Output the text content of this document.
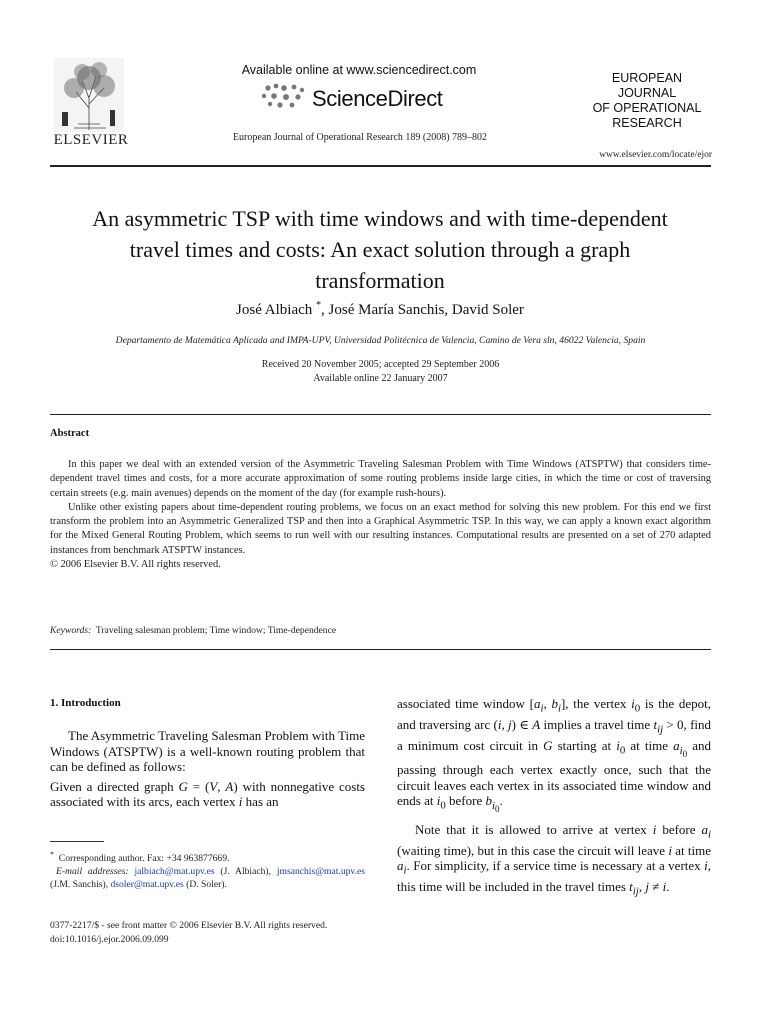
ELSEVIER
Available online at www.sciencedirect.com
ScienceDirect
European Journal of Operational Research 189 (2008) 789–802
EUROPEAN
JOURNAL
OF OPERATIONAL
RESEARCH
www.elsevier.com/locate/ejor
An asymmetric TSP with time windows and with time-dependent travel times and costs: An exact solution through a graph transformation
José Albiach *, José María Sanchis, David Soler
Departamento de Matemática Aplicada and IMPA-UPV, Universidad Politécnica de Valencia, Camino de Vera sln, 46022 Valencia, Spain
Received 20 November 2005; accepted 29 September 2006
Available online 22 January 2007
Abstract

In this paper we deal with an extended version of the Asymmetric Traveling Salesman Problem with Time Windows (ATSPTW) that considers time-dependent travel times and costs, for a more accurate approximation of some routing problems inside large cities, in which the time or cost of traversing certain streets (e.g. main avenues) depends on the moment of the day (for example rush-hours).

Unlike other existing papers about time-dependent routing problems, we focus on an exact method for solving this new problem. For this end we first transform the problem into an Asymmetric Generalized TSP and then into a Graphical Asymmetric TSP. In this way, we can apply a known exact algorithm for the Mixed General Routing Problem, which seems to run well with our resulting instances. Computational results are presented on a set of 270 adapted instances from benchmark ATSPTW instances.

© 2006 Elsevier B.V. All rights reserved.

Keywords: Traveling salesman problem; Time window; Time-dependence
1. Introduction

The Asymmetric Traveling Salesman Problem with Time Windows (ATSPTW) is a well-known routing problem that can be defined as follows:

Given a directed graph G = (V, A) with nonnegative costs associated with its arcs, each vertex i has an

associated time window [$a_i$, $b_i$], the vertex $i_0$ is the depot, and traversing arc (i, j) ∈ A implies a travel time $t_{ij} > 0$, find a minimum cost circuit in G starting at $i_0$ at time $a_{i_0}$ and passing through each vertex exactly once, such that the circuit leaves each vertex in its associated time window and ends at $i_0$ before $b_{i_0}$.

Note that it is allowed to arrive at vertex i before $a_i$ (waiting time), but in this case the circuit will leave i at time $a_i$. For simplicity, if a service time is necessary at a vertex i, this time will be included in the travel times $t_{ij}$, j ≠ i.

* Corresponding author. Fax: +34 963877669.

E-mail addresses: jalbiach@mat.upv.es (J. Albiach), jmsanchis@mat.upv.es (J.M. Sanchis), dsoler@mat.upv.es (D. Soler).

0377-2217/$ - see front matter © 2006 Elsevier B.V. All rights reserved.
doi:10.1016/j.ejor.2006.09.099
